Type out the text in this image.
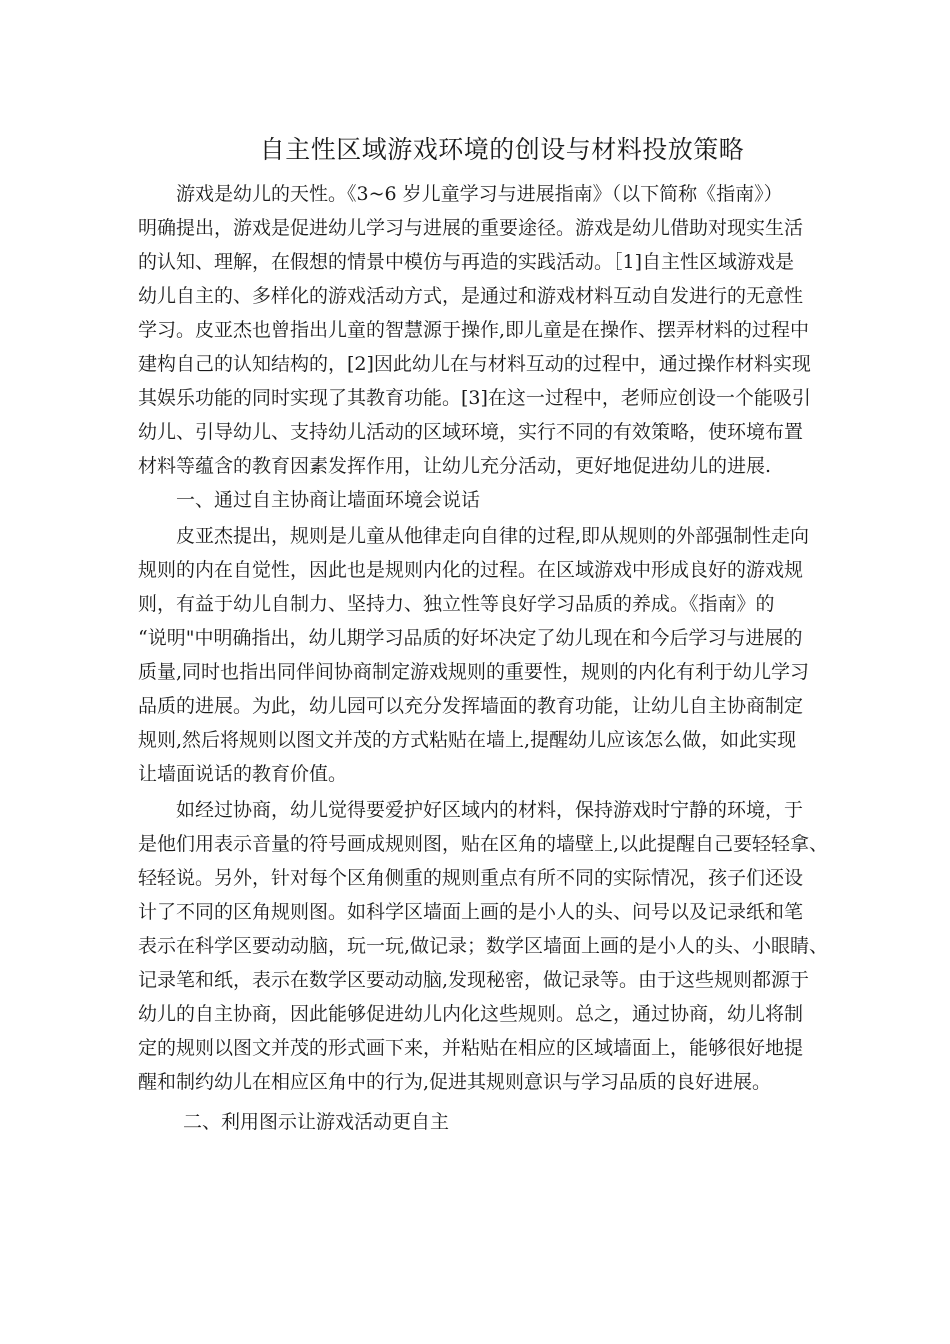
自主性区域游戏环境的创设与材料投放策略
游戏是幼儿的天性。《3~6 岁儿童学习与进展指南》（以下简称《指南》）
明确提出，游戏是促进幼儿学习与进展的重要途径。游戏是幼儿借助对现实生活
的认知、理解，在假想的情景中模仿与再造的实践活动。［1]自主性区域游戏是
幼儿自主的、多样化的游戏活动方式，是通过和游戏材料互动自发进行的无意性
学习。皮亚杰也曾指出儿童的智慧源于操作,即儿童是在操作、摆弄材料的过程中
建构自己的认知结构的，[2]因此幼儿在与材料互动的过程中，通过操作材料实现
其娱乐功能的同时实现了其教育功能。[3]在这一过程中，老师应创设一个能吸引
幼儿、引导幼儿、支持幼儿活动的区域环境，实行不同的有效策略，使环境布置
材料等蕴含的教育因素发挥作用，让幼儿充分活动，更好地促进幼儿的进展.
一、通过自主协商让墙面环境会说话
皮亚杰提出，规则是儿童从他律走向自律的过程,即从规则的外部强制性走向
规则的内在自觉性，因此也是规则内化的过程。在区域游戏中形成良好的游戏规
则，有益于幼儿自制力、坚持力、独立性等良好学习品质的养成。《指南》的
“说明"中明确指出，幼儿期学习品质的好坏决定了幼儿现在和今后学习与进展的
质量,同时也指出同伴间协商制定游戏规则的重要性，规则的内化有利于幼儿学习
品质的进展。为此，幼儿园可以充分发挥墙面的教育功能，让幼儿自主协商制定
规则,然后将规则以图文并茂的方式粘贴在墙上,提醒幼儿应该怎么做，如此实现
让墙面说话的教育价值。
如经过协商，幼儿觉得要爱护好区域内的材料，保持游戏时宁静的环境，于
是他们用表示音量的符号画成规则图，贴在区角的墙壁上,以此提醒自己要轻轻拿、
轻轻说。另外，针对每个区角侧重的规则重点有所不同的实际情况，孩子们还设
计了不同的区角规则图。如科学区墙面上画的是小人的头、问号以及记录纸和笔
表示在科学区要动动脑，玩一玩,做记录；数学区墙面上画的是小人的头、小眼睛、
记录笔和纸，表示在数学区要动动脑,发现秘密，做记录等。由于这些规则都源于
幼儿的自主协商，因此能够促进幼儿内化这些规则。总之，通过协商，幼儿将制
定的规则以图文并茂的形式画下来，并粘贴在相应的区域墙面上，能够很好地提
醒和制约幼儿在相应区角中的行为,促进其规则意识与学习品质的良好进展。
二、利用图示让游戏活动更自主
